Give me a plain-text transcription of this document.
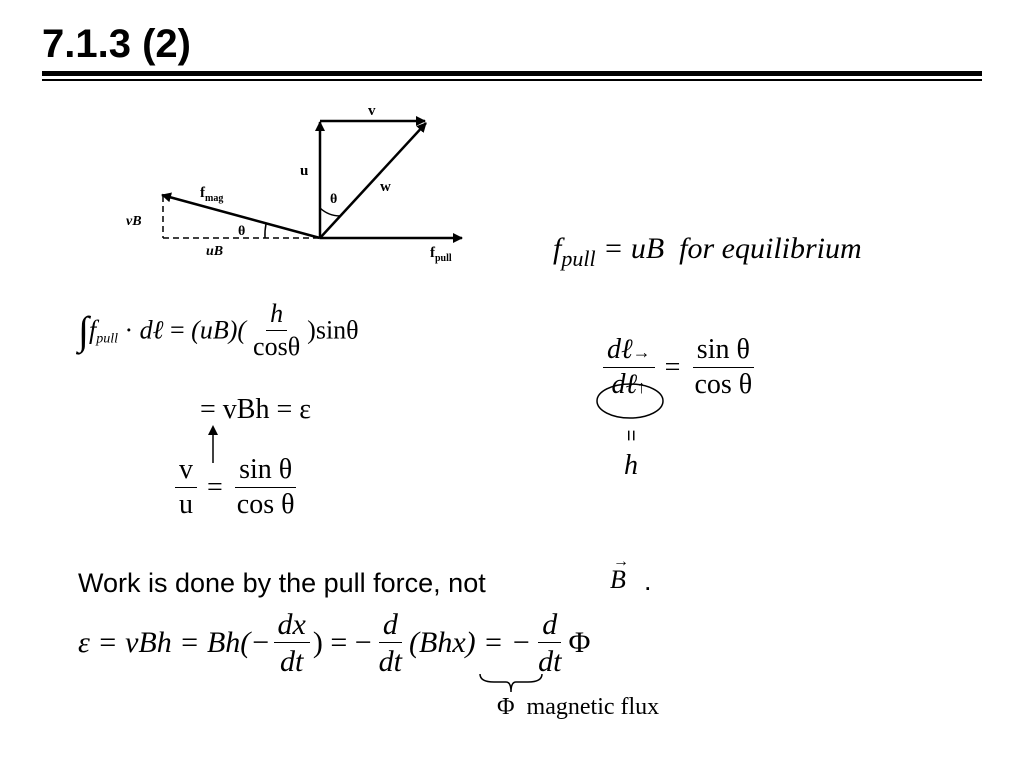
7.1.3 (2)
v
u
w
θ
θ
$f_{mag}$
vB
uB	$f_{pull}$	$f_{pull}$ = uB for equilibrium
$\int f_{pull}$ · dℓ = $(uB)( \frac{h}{\cos\theta} )\sin\theta$
= vBh = ε
$\frac{v}{u} = \frac{\text{sin θ}}{\text{cos θ}}$
$\frac{\text{dℓ→}}{\text{dℓ↑}} = \frac{\text{sin θ}}{\text{cos θ}}$
=
h
Work is done by the pull force, not
→
B .
ε = vBh = $Bh(- \frac{dx}{dt}$ ) = − $\frac{d}{dt} (Bhx)$ = − $\frac{d}{dt}$ Φ
Φ magnetic flux
